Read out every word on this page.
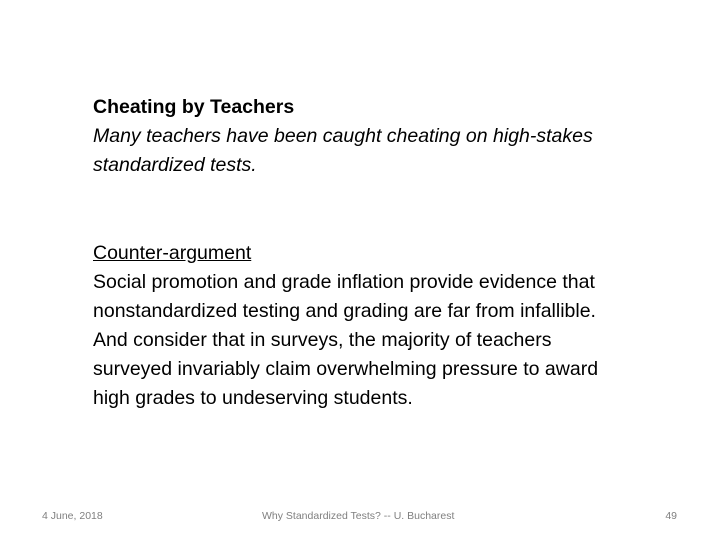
Cheating by Teachers
Many teachers have been caught cheating on high-stakes standardized tests.
Counter-argument
Social promotion and grade inflation provide evidence that nonstandardized testing and grading are far from infallible. And consider that in surveys, the majority of teachers surveyed invariably claim overwhelming pressure to award high grades to undeserving students.
4 June, 2018	Why Standardized Tests? -- U. Bucharest	49
